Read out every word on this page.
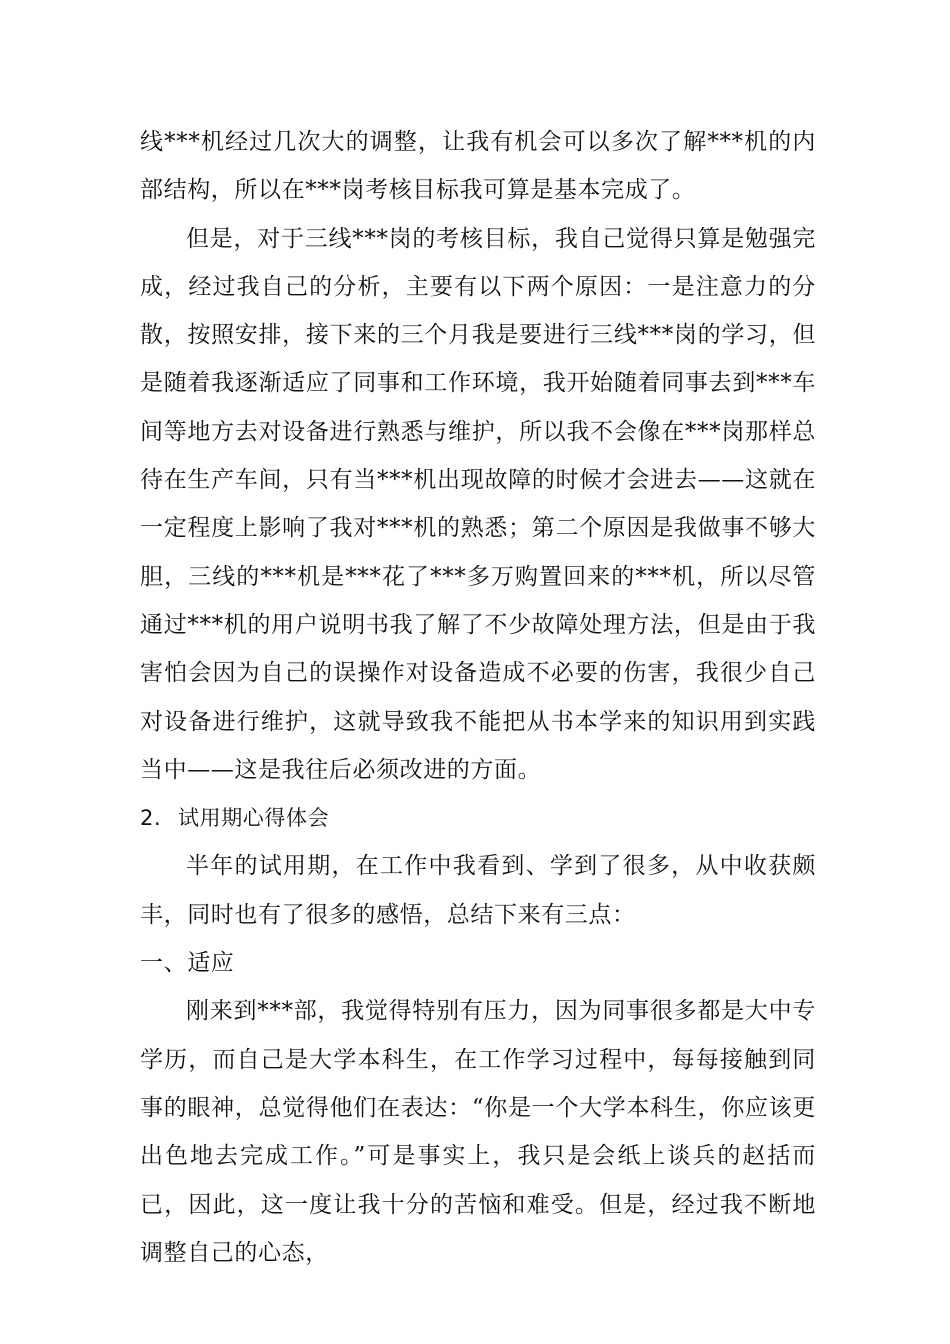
线***机经过几次大的调整，让我有机会可以多次了解***机的内部结构，所以在***岗考核目标我可算是基本完成了。

但是，对于三线***岗的考核目标，我自己觉得只算是勉强完成，经过我自己的分析，主要有以下两个原因：一是注意力的分散，按照安排，接下来的三个月我是要进行三线***岗的学习，但是随着我逐渐适应了同事和工作环境，我开始随着同事去到***车间等地方去对设备进行熟悉与维护，所以我不会像在***岗那样总待在生产车间，只有当***机出现故障的时候才会进去——这就在一定程度上影响了我对***机的熟悉；第二个原因是我做事不够大胆，三线的***机是***花了***多万购置回来的***机，所以尽管通过***机的用户说明书我了解了不少故障处理方法，但是由于我害怕会因为自己的误操作对设备造成不必要的伤害，我很少自己对设备进行维护，这就导致我不能把从书本学来的知识用到实践当中——这是我往后必须改进的方面。

2. 试用期心得体会

半年的试用期，在工作中我看到、学到了很多，从中收获颇丰，同时也有了很多的感悟，总结下来有三点：

一、适应

刚来到***部，我觉得特别有压力，因为同事很多都是大中专学历，而自己是大学本科生，在工作学习过程中，每每接触到同事的眼神，总觉得他们在表达：“你是一个大学本科生，你应该更出色地去完成工作。”可是事实上，我只是会纸上谈兵的赵括而已，因此，这一度让我十分的苦恼和难受。但是，经过我不断地调整自己的心态，
